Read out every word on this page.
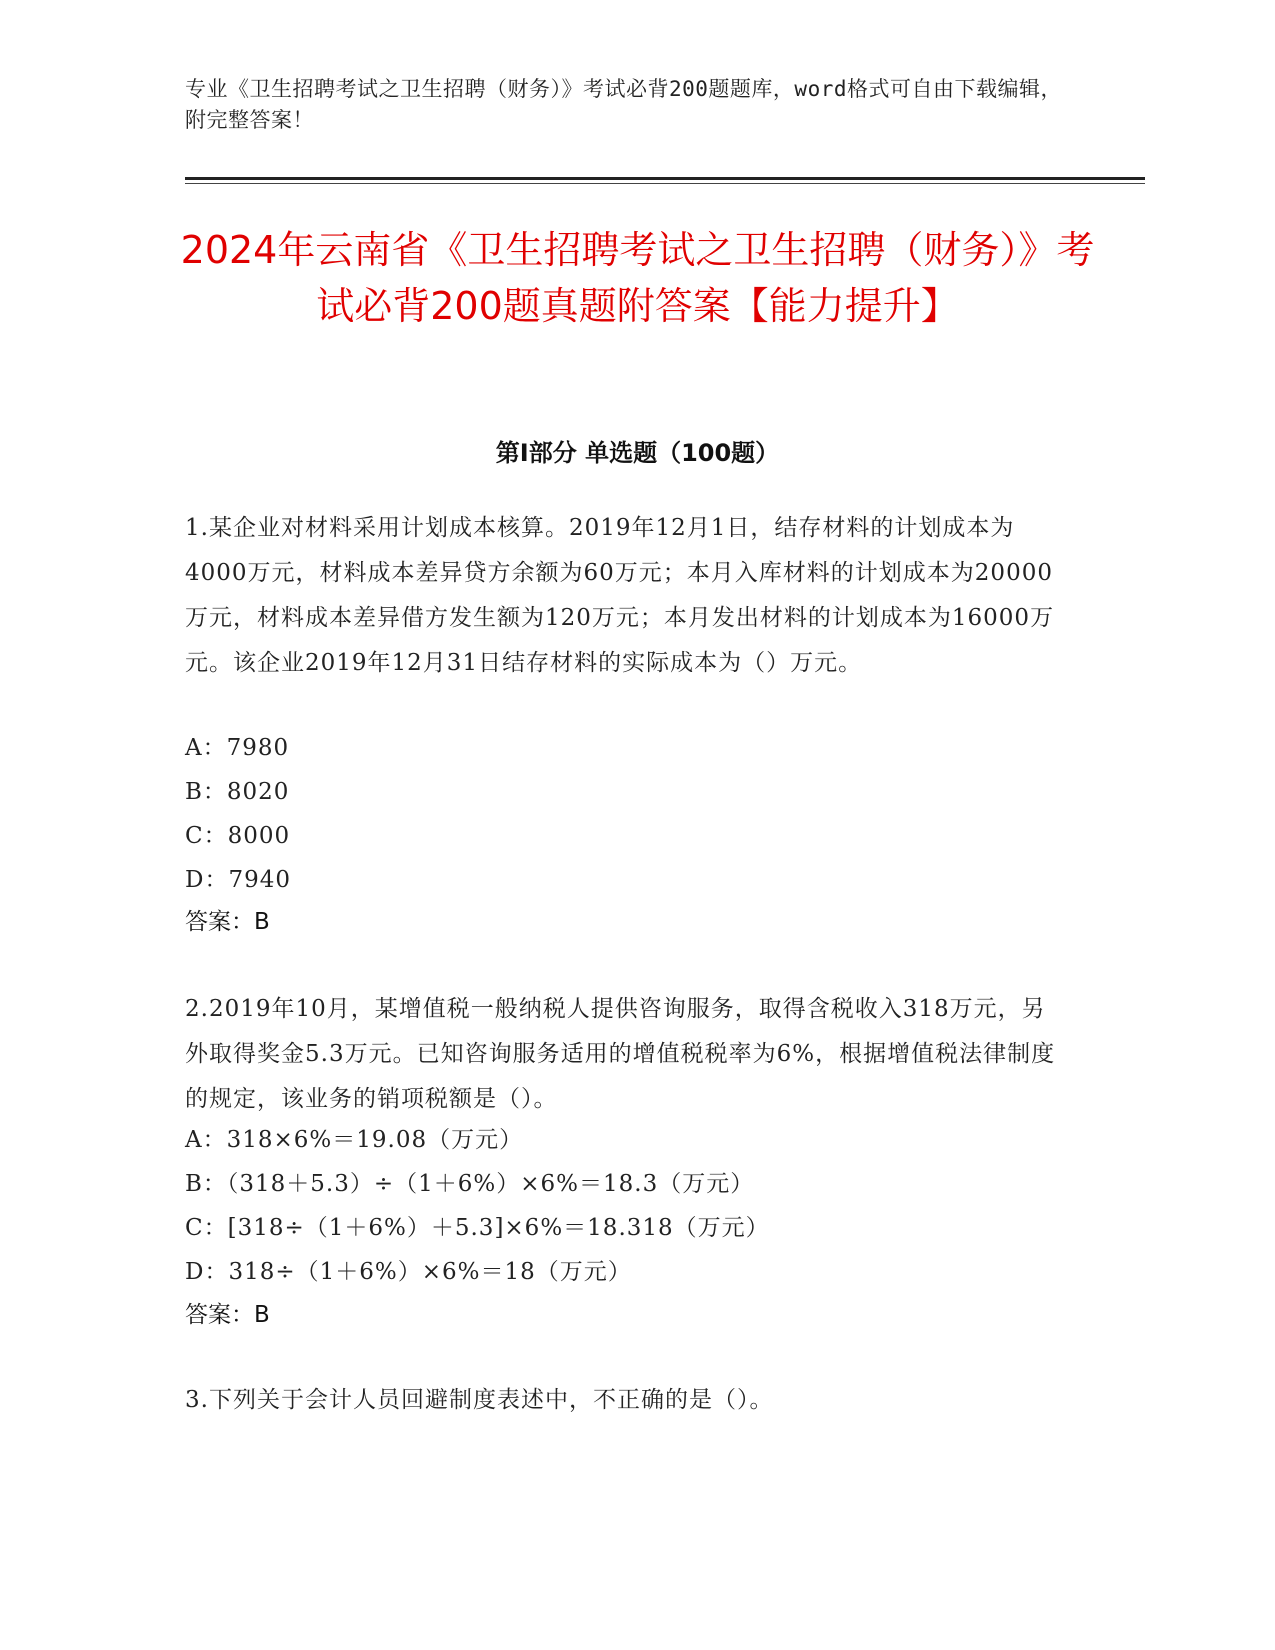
专业《卫生招聘考试之卫生招聘（财务）》考试必背200题题库，word格式可自由下载编辑，附完整答案！
2024年云南省《卫生招聘考试之卫生招聘（财务）》考试必背200题真题附答案【能力提升】
第I部分 单选题（100题）
1.某企业对材料采用计划成本核算。2019年12月1日，结存材料的计划成本为4000万元，材料成本差异贷方余额为60万元；本月入库材料的计划成本为20000万元，材料成本差异借方发生额为120万元；本月发出材料的计划成本为16000万元。该企业2019年12月31日结存材料的实际成本为（）万元。
A：7980
B：8020
C：8000
D：7940
答案：B
2.2019年10月，某增值税一般纳税人提供咨询服务，取得含税收入318万元，另外取得奖金5.3万元。已知咨询服务适用的增值税税率为6%，根据增值税法律制度的规定，该业务的销项税额是（）。
A：318×6%＝19.08（万元）
B：（318＋5.3）÷（1＋6%）×6%＝18.3（万元）
C：[318÷（1＋6%）＋5.3]×6%＝18.318（万元）
D：318÷（1＋6%）×6%＝18（万元）
答案：B
3.下列关于会计人员回避制度表述中，不正确的是（）。
